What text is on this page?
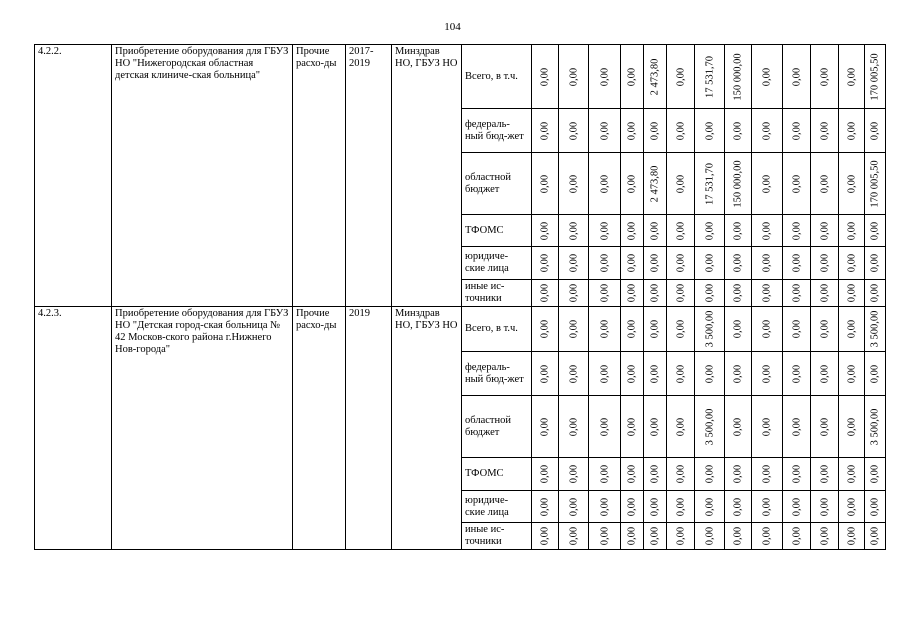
104
4.2.2.	Приобретение оборудования для ГБУЗ НО "Нижегородская областная детская клиниче-ская больница"	Прочие расхо-ды	2017-2019	Минздрав НО, ГБУЗ НО	Всего, в т.ч.	0,00	0,00	0,00	0,00	2 473,80	0,00	17 531,70	150 000,00	0,00	0,00	0,00	0,00	170 005,50

					федераль-ный бюд-жет	0,00	0,00	0,00	0,00	0,00	0,00	0,00	0,00	0,00	0,00	0,00	0,00	0,00

					областной бюджет	0,00	0,00	0,00	0,00	2 473,80	0,00	17 531,70	150 000,00	0,00	0,00	0,00	0,00	170 005,50

					ТФОМС	0,00	0,00	0,00	0,00	0,00	0,00	0,00	0,00	0,00	0,00	0,00	0,00	0,00

					юридиче-ские лица	0,00	0,00	0,00	0,00	0,00	0,00	0,00	0,00	0,00	0,00	0,00	0,00	0,00

					иные ис-точники	0,00	0,00	0,00	0,00	0,00	0,00	0,00	0,00	0,00	0,00	0,00	0,00	0,00

4.2.3.	Приобретение оборудования для ГБУЗ НО "Детская город-ская больница № 42 Москов-ского района г.Нижнего Нов-города"	Прочие расхо-ды	2019	Минздрав НО, ГБУЗ НО	Всего, в т.ч.	0,00	0,00	0,00	0,00	0,00	0,00	3 500,00	0,00	0,00	0,00	0,00	0,00	3 500,00

					федераль-ный бюд-жет	0,00	0,00	0,00	0,00	0,00	0,00	0,00	0,00	0,00	0,00	0,00	0,00	0,00

					областной бюджет	0,00	0,00	0,00	0,00	0,00	0,00	3 500,00	0,00	0,00	0,00	0,00	0,00	3 500,00

					ТФОМС	0,00	0,00	0,00	0,00	0,00	0,00	0,00	0,00	0,00	0,00	0,00	0,00	0,00

					юридиче-ские лица	0,00	0,00	0,00	0,00	0,00	0,00	0,00	0,00	0,00	0,00	0,00	0,00	0,00

					иные ис-точники	0,00	0,00	0,00	0,00	0,00	0,00	0,00	0,00	0,00	0,00	0,00	0,00	0,00
